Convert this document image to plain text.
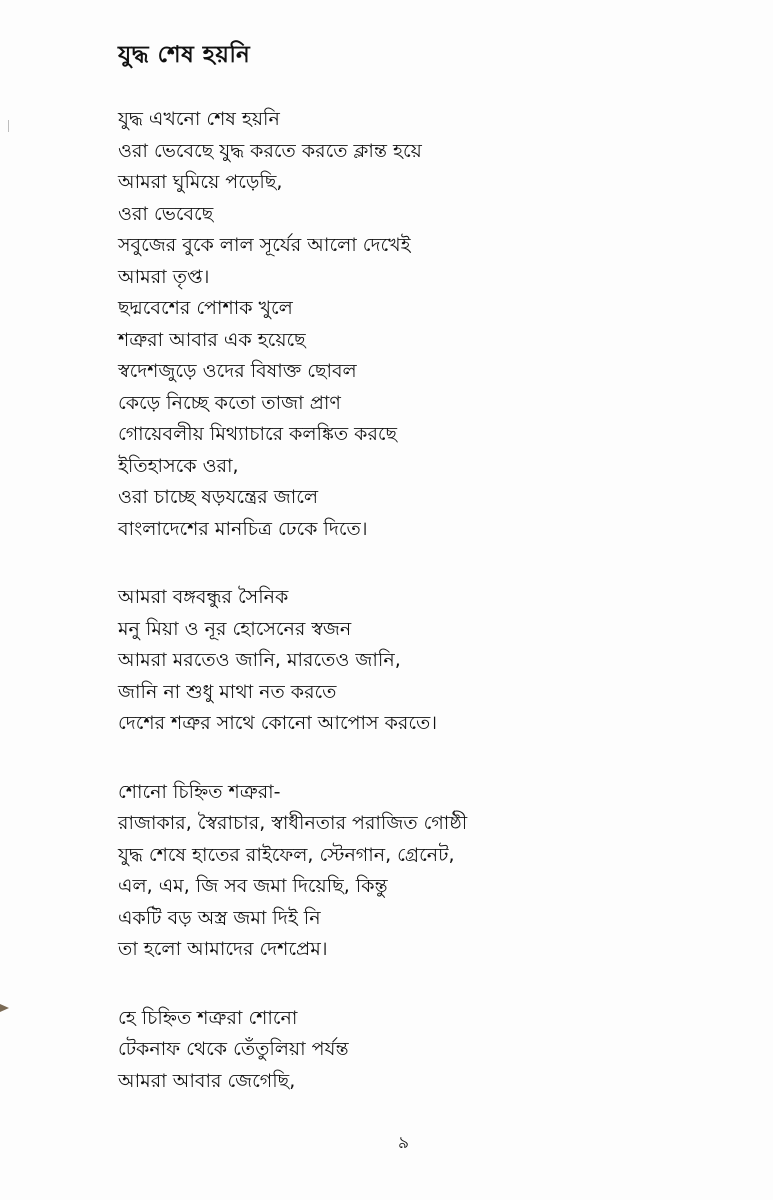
যুদ্ধ শেষ হয়নি
যুদ্ধ এখনো শেষ হয়নি
ওরা ভেবেছে যুদ্ধ করতে করতে ক্লান্ত হয়ে
আমরা ঘুমিয়ে পড়েছি,
ওরা ভেবেছে
সবুজের বুকে লাল সূর্যের আলো দেখেই
আমরা তৃপ্ত।
ছদ্মবেশের পোশাক খুলে
শত্রুরা আবার এক হয়েছে
স্বদেশজুড়ে ওদের বিষাক্ত ছোবল
কেড়ে নিচ্ছে কতো তাজা প্রাণ
গোয়েবলীয় মিথ্যাচারে কলঙ্কিত করছে
ইতিহাসকে ওরা,
ওরা চাচ্ছে ষড়যন্ত্রের জালে
বাংলাদেশের মানচিত্র ঢেকে দিতে।
আমরা বঙ্গবন্ধুর সৈনিক
মনু মিয়া ও নূর হোসেনের স্বজন
আমরা মরতেও জানি, মারতেও জানি,
জানি না শুধু মাথা নত করতে
দেশের শত্রুর সাথে কোনো আপোস করতে।
শোনো চিহ্নিত শত্রুরা-
রাজাকার, স্বৈরাচার, স্বাধীনতার পরাজিত গোষ্ঠী
যুদ্ধ শেষে হাতের রাইফেল, স্টেনগান, গ্রেনেট,
এল, এম, জি সব জমা দিয়েছি, কিন্তু
একটি বড় অস্ত্র জমা দিই নি
তা হলো আমাদের দেশপ্রেম।
হে চিহ্নিত শত্রুরা শোনো
টেকনাফ থেকে তেঁতুলিয়া পর্যন্ত
আমরা আবার জেগেছি,
৯
